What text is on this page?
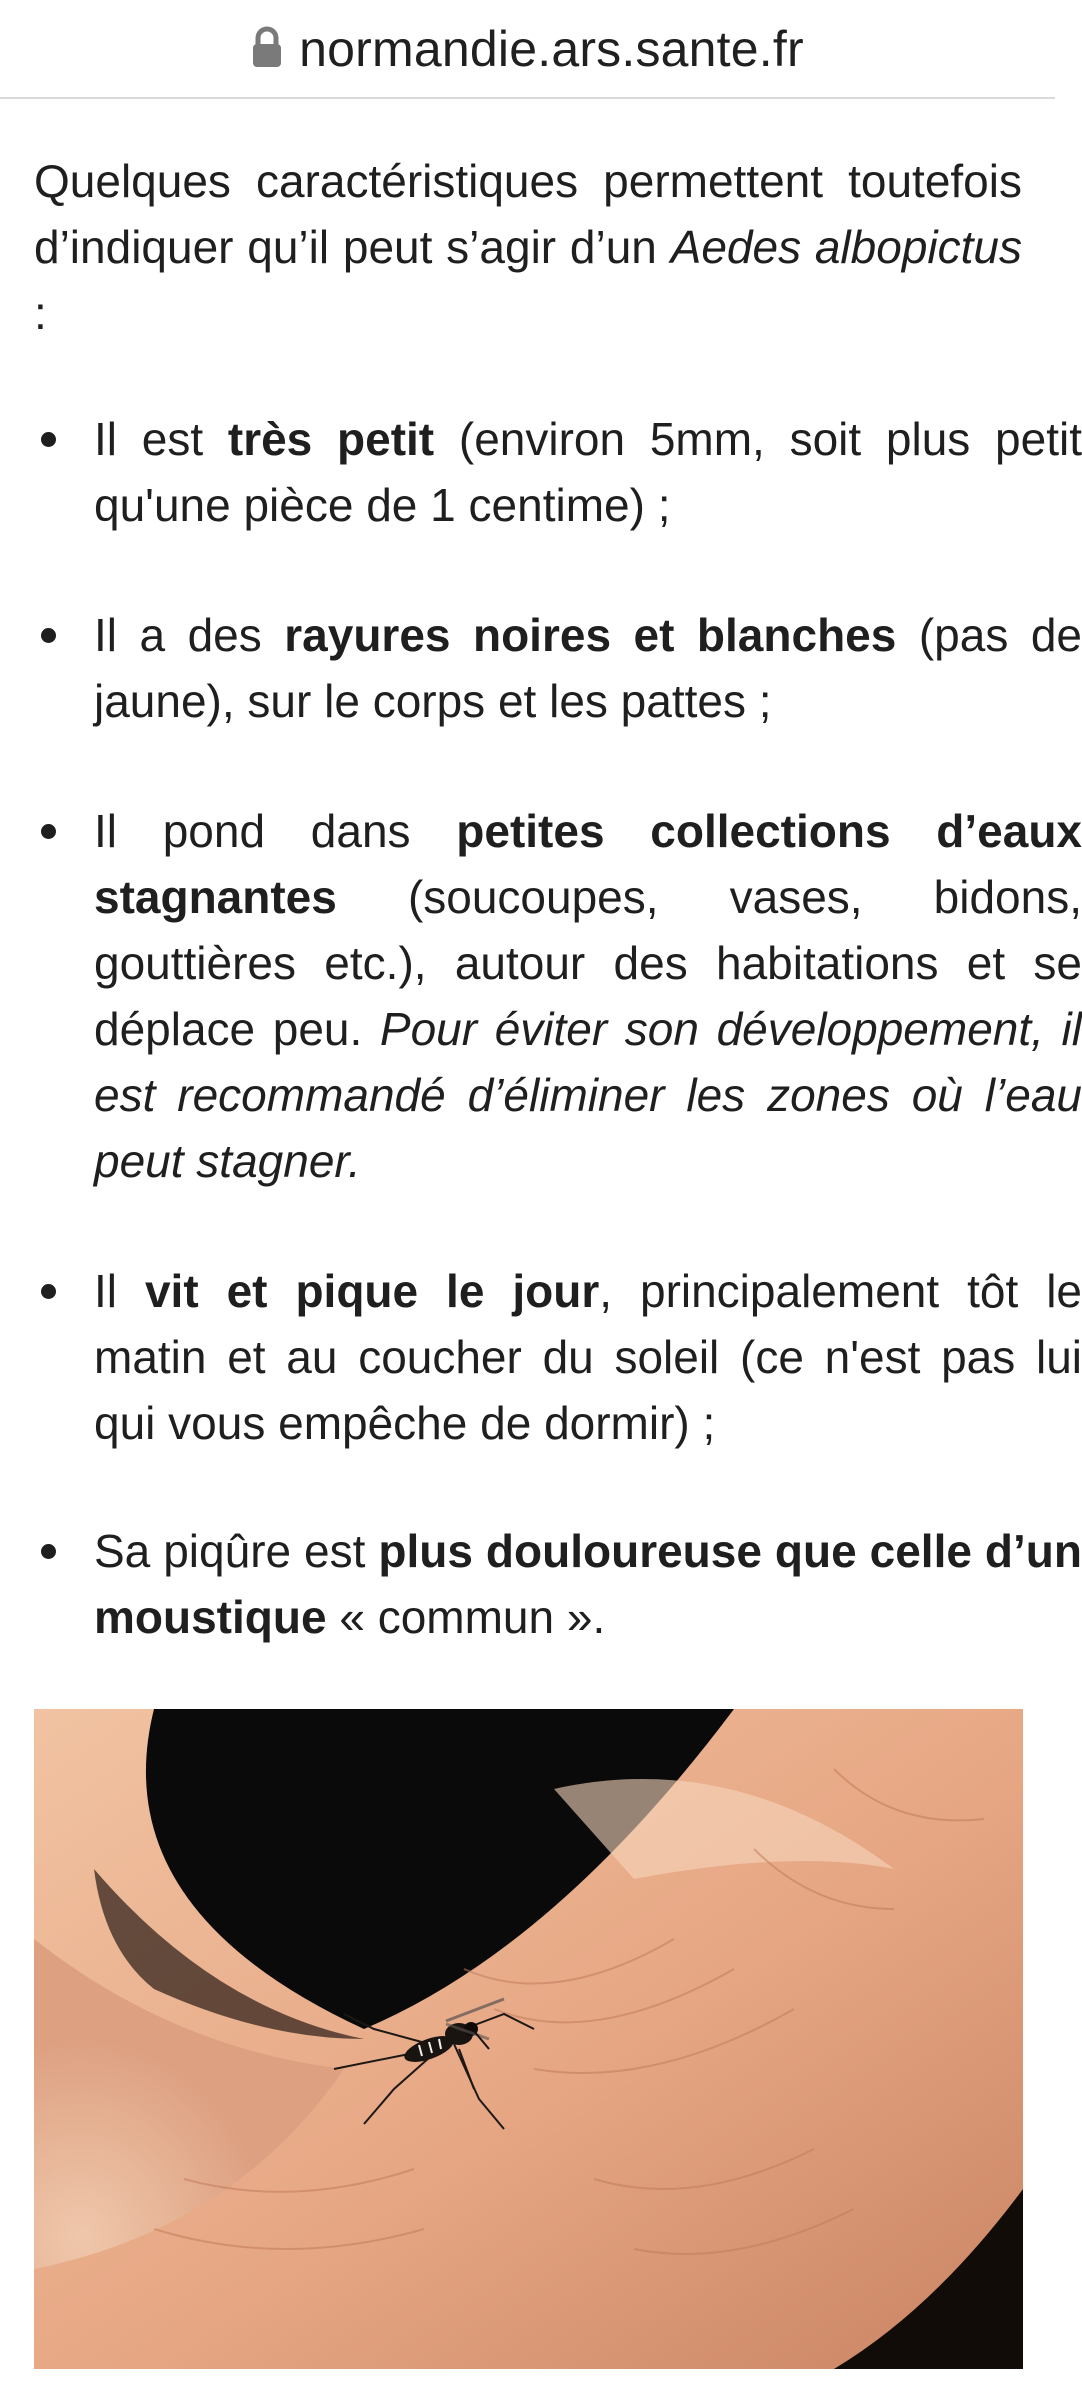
normandie.ars.sante.fr

Quelques caractéristiques permettent toutefois d’indiquer qu’il peut s’agir d’un Aedes albopictus :

Il est très petit (environ 5mm, soit plus petit qu'une pièce de 1 centime) ;
Il a des rayures noires et blanches (pas de jaune), sur le corps et les pattes ;
Il pond dans petites collections d’eaux stagnantes (soucoupes, vases, bidons, gouttières etc.), autour des habitations et se déplace peu. Pour éviter son développement, il est recommandé d’éliminer les zones où l’eau peut stagner.
Il vit et pique le jour, principalement tôt le matin et au coucher du soleil (ce n'est pas lui qui vous empêche de dormir) ;
Sa piqûre est plus douloureuse que celle d’un moustique « commun ».
